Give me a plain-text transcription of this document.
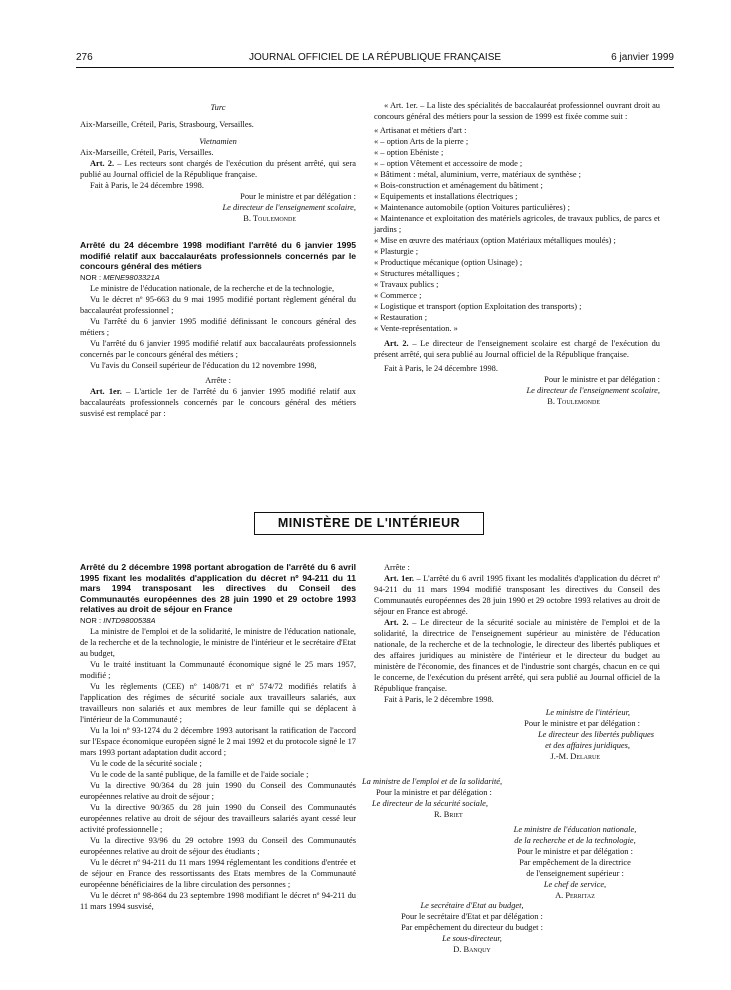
276	JOURNAL OFFICIEL DE LA RÉPUBLIQUE FRANÇAISE	6 janvier 1999

Turc

Aix-Marseille, Créteil, Paris, Strasbourg, Versailles.

Vietnamien

Aix-Marseille, Créteil, Paris, Versailles.

Art. 2. – Les recteurs sont chargés de l'exécution du présent arrêté, qui sera publié au Journal officiel de la République française.

Fait à Paris, le 24 décembre 1998.

Pour le ministre et par délégation :

Le directeur de l'enseignement scolaire,

B. Toulemonde

Arrêté du 24 décembre 1998 modifiant l'arrêté du 6 janvier 1995 modifié relatif aux baccalauréats professionnels concernés par le concours général des métiers

NOR : MENE9803321A

Le ministre de l'éducation nationale, de la recherche et de la technologie,

Vu le décret nº 95-663 du 9 mai 1995 modifié portant règlement général du baccalauréat professionnel ;

Vu l'arrêté du 6 janvier 1995 modifié définissant le concours général des métiers ;

Vu l'arrêté du 6 janvier 1995 modifié relatif aux baccalauréats professionnels concernés par le concours général des métiers ;

Vu l'avis du Conseil supérieur de l'éducation du 12 novembre 1998,

Arrête :

Art. 1er. – L'article 1er de l'arrêté du 6 janvier 1995 modifié relatif aux baccalauréats professionnels concernés par le concours général des métiers susvisé est remplacé par :

« Art. 1er. – La liste des spécialités de baccalauréat professionnel ouvrant droit au concours général des métiers pour la session de 1999 est fixée comme suit :

« Artisanat et métiers d'art :

« – option Arts de la pierre ;

« – option Ebéniste ;

« – option Vêtement et accessoire de mode ;

« Bâtiment : métal, aluminium, verre, matériaux de synthèse ;

« Bois-construction et aménagement du bâtiment ;

« Equipements et installations électriques ;

« Maintenance automobile (option Voitures particulières) ;

« Maintenance et exploitation des matériels agricoles, de travaux publics, de parcs et jardins ;

« Mise en œuvre des matériaux (option Matériaux métalliques moulés) ;

« Plasturgie ;

« Productique mécanique (option Usinage) ;

« Structures métalliques ;

« Travaux publics ;

« Commerce ;

« Logistique et transport (option Exploitation des transports) ;

« Restauration ;

« Vente-représentation. »

Art. 2. – Le directeur de l'enseignement scolaire est chargé de l'exécution du présent arrêté, qui sera publié au Journal officiel de la République française.

Fait à Paris, le 24 décembre 1998.

Pour le ministre et par délégation :

Le directeur de l'enseignement scolaire,

B. Toulemonde

MINISTÈRE DE L'INTÉRIEUR

Arrêté du 2 décembre 1998 portant abrogation de l'arrêté du 6 avril 1995 fixant les modalités d'application du décret nº 94-211 du 11 mars 1994 transposant les directives du Conseil des Communautés européennes des 28 juin 1990 et 29 octobre 1993 relatives au droit de séjour en France

NOR : INTD9800538A

La ministre de l'emploi et de la solidarité, le ministre de l'éducation nationale, de la recherche et de la technologie, le ministre de l'intérieur et le secrétaire d'Etat au budget,

Vu le traité instituant la Communauté économique signé le 25 mars 1957, modifié ;

Vu les règlements (CEE) nº 1408/71 et nº 574/72 modifiés relatifs à l'application des régimes de sécurité sociale aux travailleurs salariés, aux travailleurs non salariés et aux membres de leur famille qui se déplacent à l'intérieur de la Communauté ;

Vu la loi nº 93-1274 du 2 décembre 1993 autorisant la ratification de l'accord sur l'Espace économique européen signé le 2 mai 1992 et du protocole signé le 17 mars 1993 portant adaptation dudit accord ;

Vu le code de la sécurité sociale ;

Vu le code de la santé publique, de la famille et de l'aide sociale ;

Vu la directive 90/364 du 28 juin 1990 du Conseil des Communautés européennes relative au droit de séjour ;

Vu la directive 90/365 du 28 juin 1990 du Conseil des Communautés européennes relative au droit de séjour des travailleurs salariés ayant cessé leur activité professionnelle ;

Vu la directive 93/96 du 29 octobre 1993 du Conseil des Communautés européennes relative au droit de séjour des étudiants ;

Vu le décret nº 94-211 du 11 mars 1994 réglementant les conditions d'entrée et de séjour en France des ressortissants des Etats membres de la Communauté européenne bénéficiaires de la libre circulation des personnes ;

Vu le décret nº 98-864 du 23 septembre 1998 modifiant le décret nº 94-211 du 11 mars 1994 susvisé,

Arrête :

Art. 1er. – L'arrêté du 6 avril 1995 fixant les modalités d'application du décret nº 94-211 du 11 mars 1994 modifié transposant les directives du Conseil des Communautés européennes des 28 juin 1990 et 29 octobre 1993 relatives au droit de séjour en France est abrogé.

Art. 2. – Le directeur de la sécurité sociale au ministère de l'emploi et de la solidarité, la directrice de l'enseignement supérieur au ministère de l'éducation nationale, de la recherche et de la technologie, le directeur des libertés publiques et des affaires juridiques au ministère de l'intérieur et le directeur du budget au ministère de l'économie, des finances et de l'industrie sont chargés, chacun en ce qui le concerne, de l'exécution du présent arrêté, qui sera publié au Journal officiel de la République française.

Fait à Paris, le 2 décembre 1998.

Le ministre de l'intérieur,

Pour le ministre et par délégation :

Le directeur des libertés publiques

et des affaires juridiques,

J.-M. Delarue

La ministre de l'emploi et de la solidarité,

Pour la ministre et par délégation :

Le directeur de la sécurité sociale,

R. Briet

Le ministre de l'éducation nationale,

de la recherche et de la technologie,

Pour le ministre et par délégation :

Par empêchement de la directrice

de l'enseignement supérieur :

Le chef de service,

A. Perritaz

Le secrétaire d'Etat au budget,

Pour le secrétaire d'Etat et par délégation :

Par empêchement du directeur du budget :

Le sous-directeur,

D. Banquy
